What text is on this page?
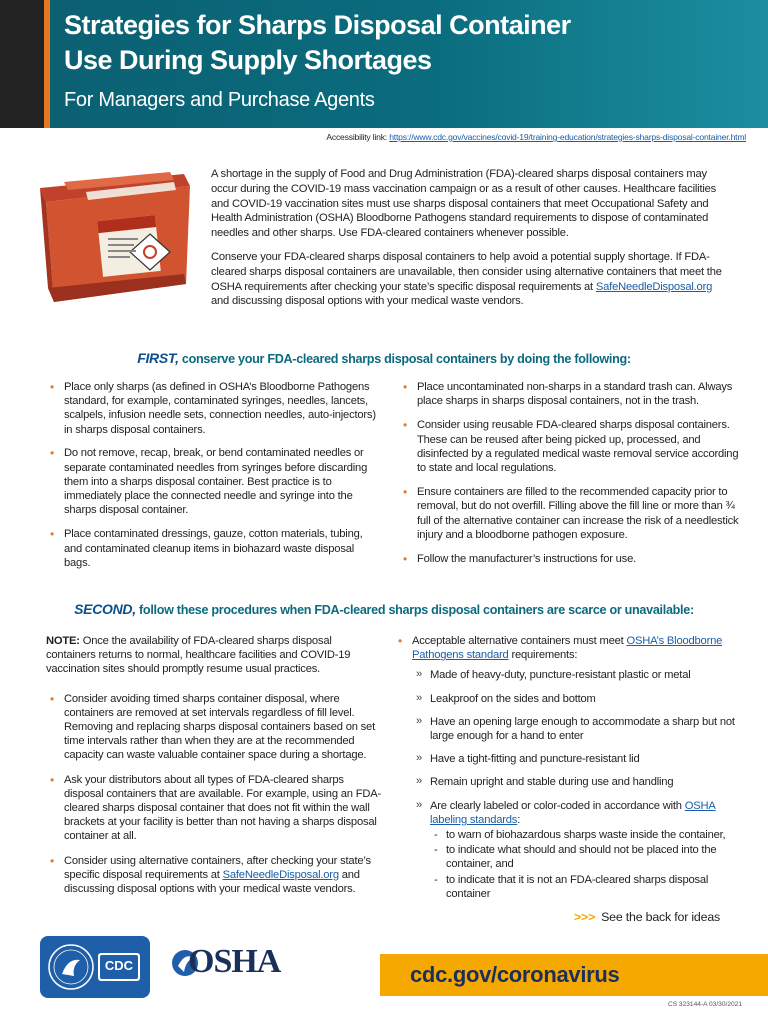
Strategies for Sharps Disposal Container
Use During Supply Shortages
For Managers and Purchase Agents
Accessibility link: https://www.cdc.gov/vaccines/covid-19/training-education/strategies-sharps-disposal-container.html

A shortage in the supply of Food and Drug Administration (FDA)-cleared sharps disposal containers may occur during the COVID-19 mass vaccination campaign or as a result of other causes. Healthcare facilities and COVID-19 vaccination sites must use sharps disposal containers that meet Occupational Safety and Health Administration (OSHA) Bloodborne Pathogens standard requirements to dispose of contaminated needles and other sharps. Use FDA-cleared containers whenever possible.

Conserve your FDA-cleared sharps disposal containers to help avoid a potential supply shortage. If FDA-cleared sharps disposal containers are unavailable, then consider using alternative containers that meet the OSHA requirements after checking your state’s specific disposal requirements at SafeNeedleDisposal.org and discussing disposal options with your medical waste vendors.

FIRST, conserve your FDA-cleared sharps disposal containers by doing the following:
• Place only sharps (as defined in OSHA’s Bloodborne Pathogens standard, for example, contaminated syringes, needles, lancets, scalpels, infusion needle sets, connection needles, auto-injectors) in sharps disposal containers.
• Do not remove, recap, break, or bend contaminated needles or separate contaminated needles from syringes before discarding them into a sharps disposal container. Best practice is to immediately place the connected needle and syringe into the sharps disposal container.
• Place contaminated dressings, gauze, cotton materials, tubing, and contaminated cleanup items in biohazard waste disposal bags.
• Place uncontaminated non-sharps in a standard trash can. Always place sharps in sharps disposal containers, not in the trash.
• Consider using reusable FDA-cleared sharps disposal containers. These can be reused after being picked up, processed, and disinfected by a regulated medical waste removal service according to state and local regulations.
• Ensure containers are filled to the recommended capacity prior to removal, but do not overfill. Filling above the fill line or more than ¾ full of the alternative container can increase the risk of a needlestick injury and a bloodborne pathogen exposure.
• Follow the manufacturer’s instructions for use.
SECOND, follow these procedures when FDA-cleared sharps disposal containers are scarce or unavailable:

NOTE: Once the availability of FDA-cleared sharps disposal containers returns to normal, healthcare facilities and COVID-19 vaccination sites should promptly resume usual practices.

• Consider avoiding timed sharps container disposal, where containers are removed at set intervals regardless of fill level. Removing and replacing sharps disposal containers based on set time intervals rather than when they are at the recommended capacity can waste valuable container space during a shortage.
• Ask your distributors about all types of FDA-cleared sharps disposal containers that are available. For example, using an FDA-cleared sharps disposal container that does not fit within the wall brackets at your facility is better than not having a sharps disposal container at all.
• Consider using alternative containers, after checking your state’s specific disposal requirements at SafeNeedleDisposal.org and discussing disposal options with your medical waste vendors.
• Acceptable alternative containers must meet OSHA’s Bloodborne Pathogens standard requirements:
» Made of heavy-duty, puncture-resistant plastic or metal
» Leakproof on the sides and bottom
» Have an opening large enough to accommodate a sharp but not large enough for a hand to enter
» Have a tight-fitting and puncture-resistant lid
» Remain upright and stable during use and handling
» Are clearly labeled or color-coded in accordance with OSHA labeling standards:
- to warn of biohazardous sharps waste inside the container,
- to indicate what should and should not be placed into the container, and
- to indicate that it is not an FDA-cleared sharps disposal container
>>> See the back for ideas
CDC OSHA	cdc.gov/coronavirus
CS 323144-A 03/30/2021
